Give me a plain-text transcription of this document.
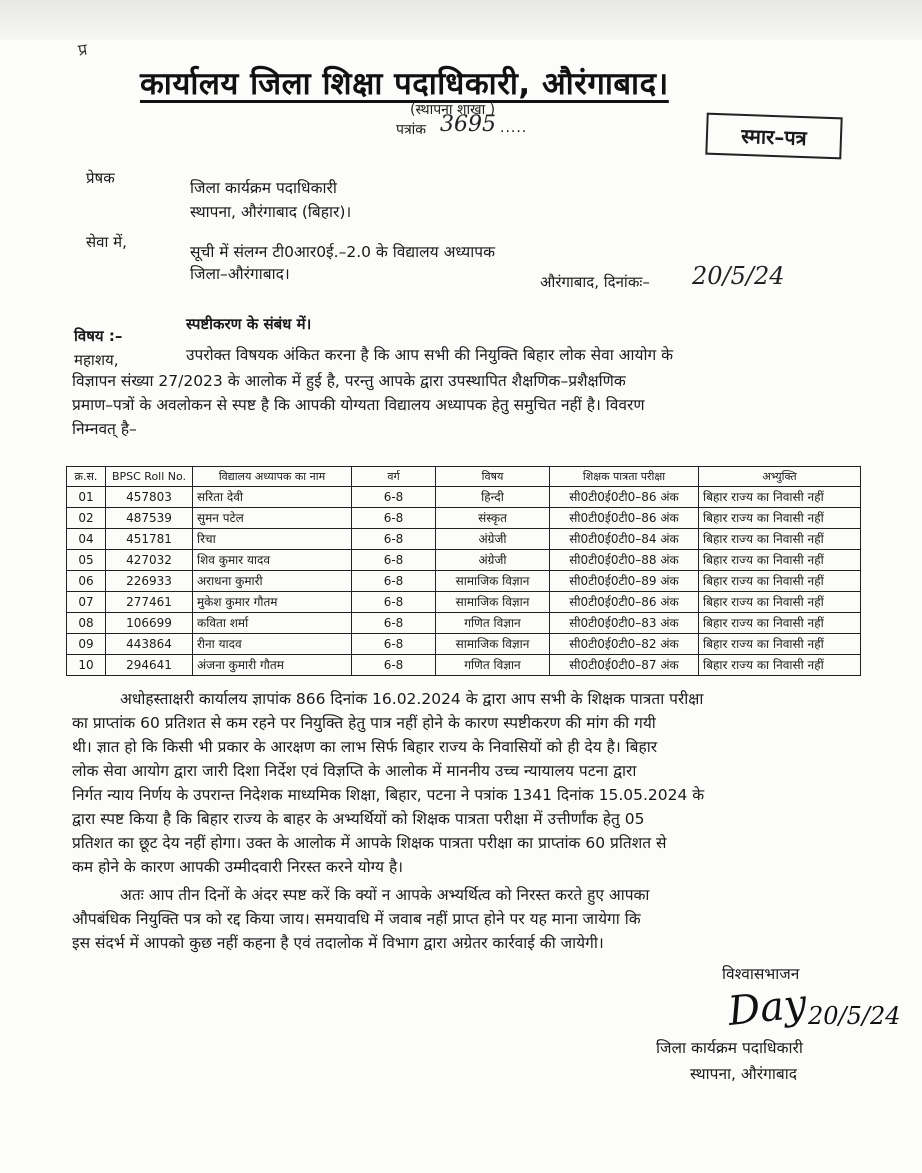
प्र
कार्यालय जिला शिक्षा पदाधिकारी, औरंगाबाद।
(स्थापना शाखा )
पत्रांक 3695 .....	स्मार–पत्र
प्रेषक
जिला कार्यक्रम पदाधिकारी
स्थापना, औरंगाबाद (बिहार)।
सेवा में,
सूची में संलग्न टी0आर0ई.–2.0 के विद्यालय अध्यापक
जिला–औरंगाबाद।	औरंगाबाद, दिनांकः– 20/5/24
विषय :–
स्पष्टीकरण के संबंध में।
महाशय,	उपरोक्त विषयक अंकित करना है कि आप सभी की नियुक्ति बिहार लोक सेवा आयोग के
विज्ञापन संख्या 27/2023 के आलोक में हुई है, परन्तु आपके द्वारा उपस्थापित शैक्षणिक–प्रशैक्षणिक
प्रमाण–पत्रों के अवलोकन से स्पष्ट है कि आपकी योग्यता विद्यालय अध्यापक हेतु समुचित नहीं है। विवरण
निम्नवत् है–
क्र.स.	BPSC Roll No.	विद्यालय अध्यापक का नाम	वर्ग	विषय	शिक्षक पात्रता परीक्षा	अभ्युक्ति
01	457803	सरिता देवी	6-8	हिन्दी	सी0टी0ई0टी0–86 अंक	बिहार राज्य का निवासी नहीं
02	487539	सुमन पटेल	6-8	संस्कृत	सी0टी0ई0टी0–86 अंक	बिहार राज्य का निवासी नहीं
04	451781	रिचा	6-8	अंग्रेजी	सी0टी0ई0टी0–84 अंक	बिहार राज्य का निवासी नहीं
05	427032	शिव कुमार यादव	6-8	अंग्रेजी	सी0टी0ई0टी0–88 अंक	बिहार राज्य का निवासी नहीं
06	226933	अराधना कुमारी	6-8	सामाजिक विज्ञान	सी0टी0ई0टी0–89 अंक	बिहार राज्य का निवासी नहीं
07	277461	मुकेश कुमार गौतम	6-8	सामाजिक विज्ञान	सी0टी0ई0टी0–86 अंक	बिहार राज्य का निवासी नहीं
08	106699	कविता शर्मा	6-8	गणित विज्ञान	सी0टी0ई0टी0–83 अंक	बिहार राज्य का निवासी नहीं
09	443864	रीना यादव	6-8	सामाजिक विज्ञान	सी0टी0ई0टी0–82 अंक	बिहार राज्य का निवासी नहीं
10	294641	अंजना कुमारी गौतम	6-8	गणित विज्ञान	सी0टी0ई0टी0–87 अंक	बिहार राज्य का निवासी नहीं
अधोहस्ताक्षरी कार्यालय ज्ञापांक 866 दिनांक 16.02.2024 के द्वारा आप सभी के शिक्षक पात्रता परीक्षा
का प्राप्तांक 60 प्रतिशत से कम रहने पर नियुक्ति हेतु पात्र नहीं होने के कारण स्पष्टीकरण की मांग की गयी
थी। ज्ञात हो कि किसी भी प्रकार के आरक्षण का लाभ सिर्फ बिहार राज्य के निवासियों को ही देय है। बिहार
लोक सेवा आयोग द्वारा जारी दिशा निर्देश एवं विज्ञप्ति के आलोक में माननीय उच्च न्यायालय पटना द्वारा
निर्गत न्याय निर्णय के उपरान्त निदेशक माध्यमिक शिक्षा, बिहार, पटना ने पत्रांक 1341 दिनांक 15.05.2024 के
द्वारा स्पष्ट किया है कि बिहार राज्य के बाहर के अभ्यर्थियों को शिक्षक पात्रता परीक्षा में उत्तीर्णांक हेतु 05
प्रतिशत का छूट देय नहीं होगा। उक्त के आलोक में आपके शिक्षक पात्रता परीक्षा का प्राप्तांक 60 प्रतिशत से
कम होने के कारण आपकी उम्मीदवारी निरस्त करने योग्य है।
अतः आप तीन दिनों के अंदर स्पष्ट करें कि क्यों न आपके अभ्यर्थित्व को निरस्त करते हुए आपका
औपबंधिक नियुक्ति पत्र को रद्द किया जाय। समयावधि में जवाब नहीं प्राप्त होने पर यह माना जायेगा कि
इस संदर्भ में आपको कुछ नहीं कहना है एवं तदालोक में विभाग द्वारा अग्रेतर कार्रवाई की जायेगी।
विश्वासभाजन
Day 20/5/24
जिला कार्यक्रम पदाधिकारी
स्थापना, औरंगाबाद
